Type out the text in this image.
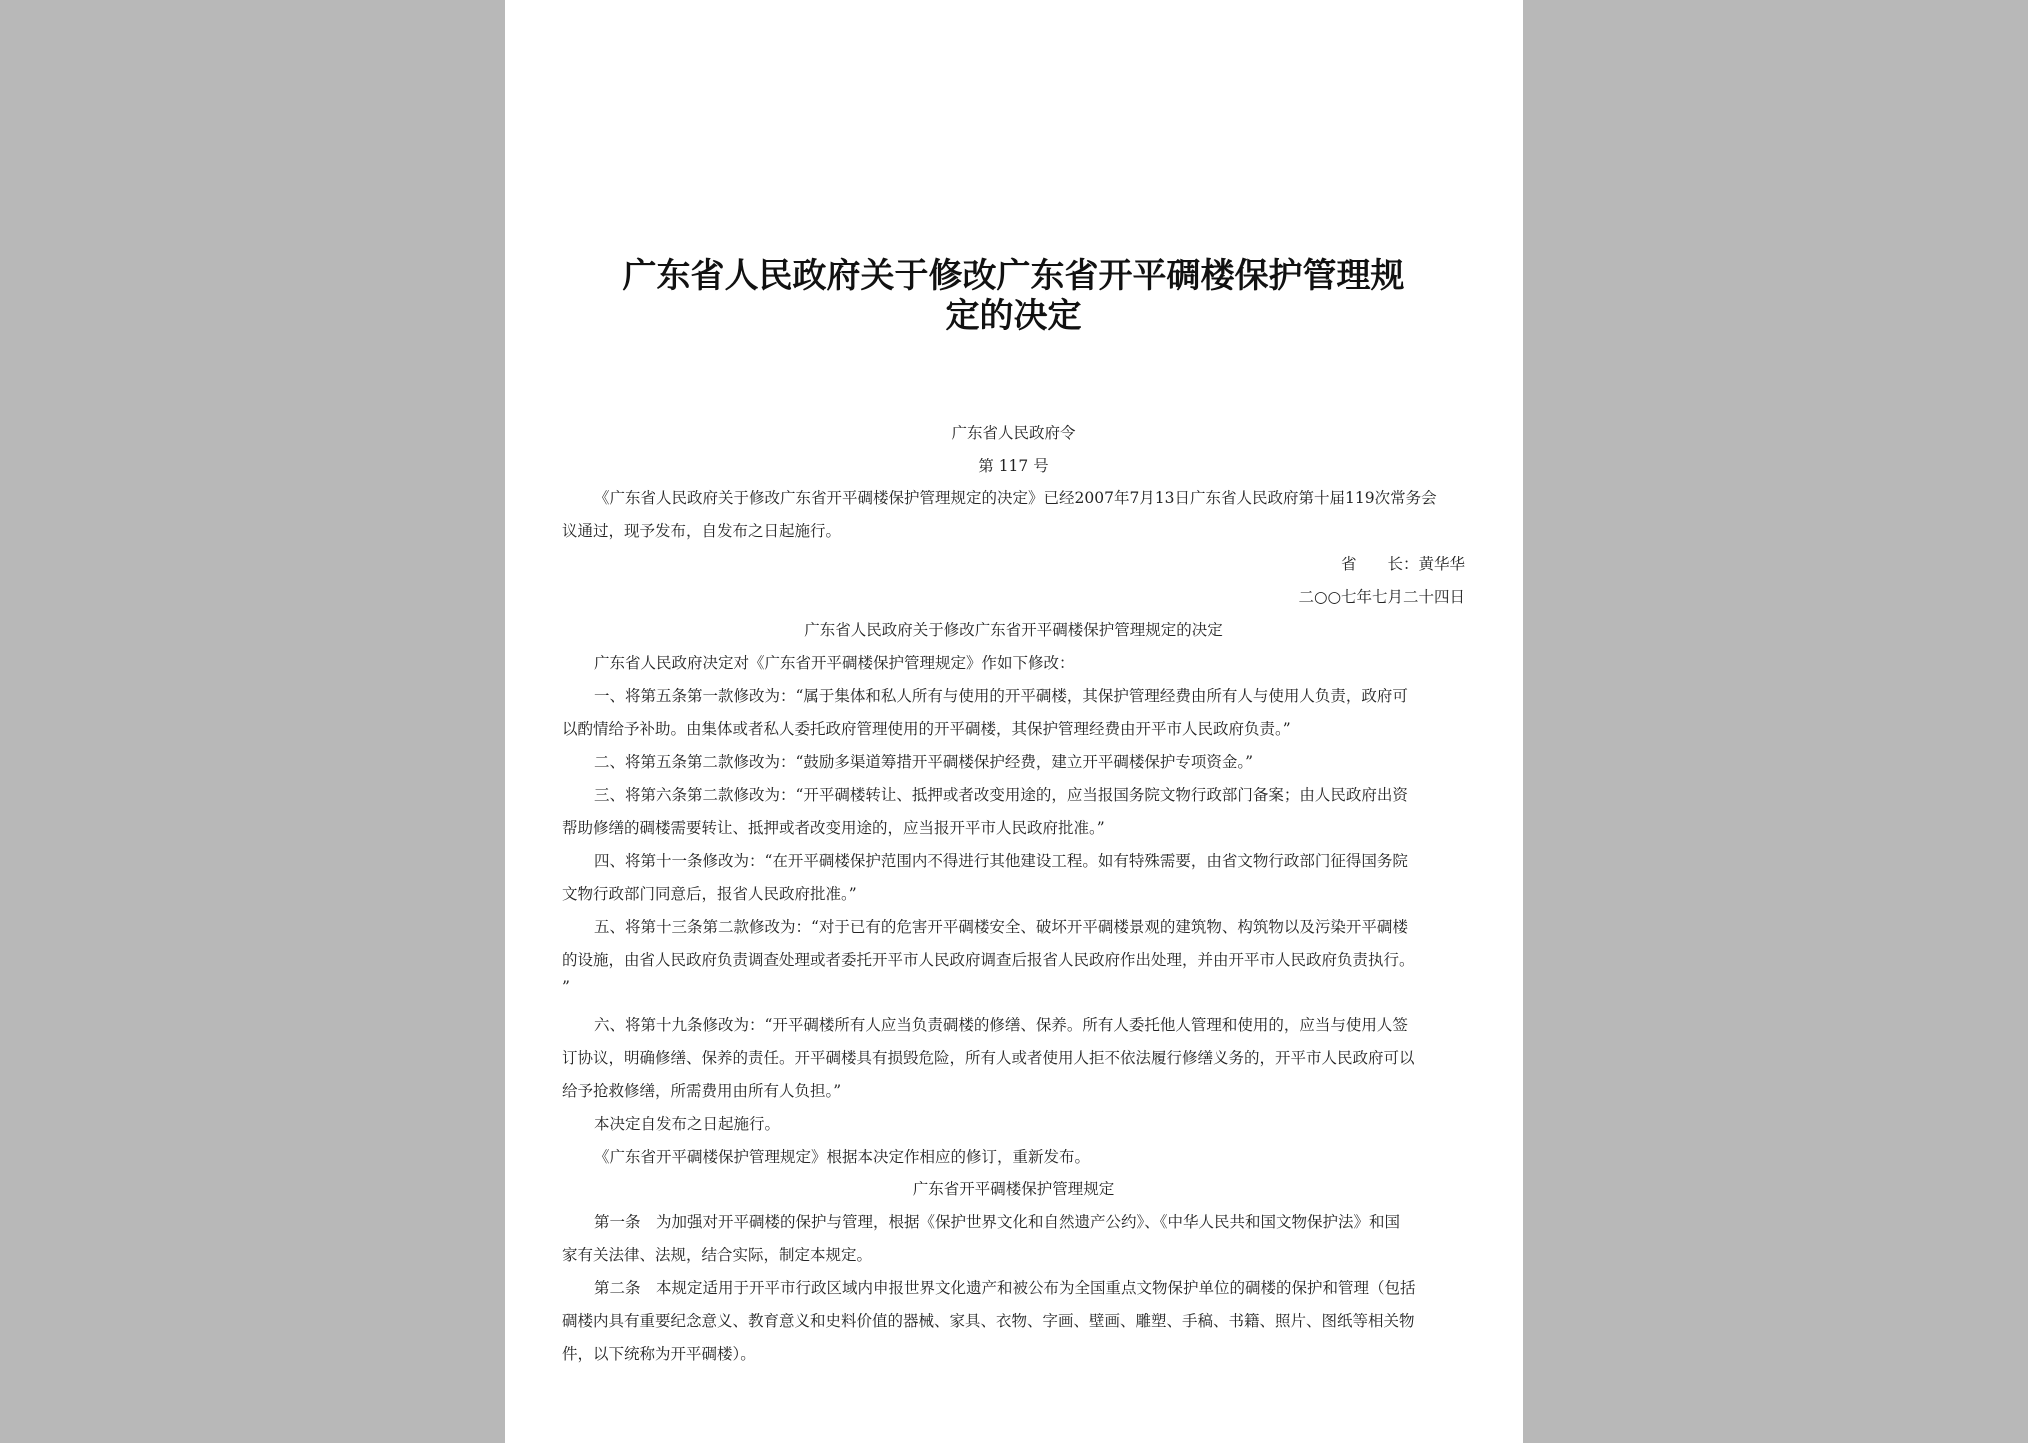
广东省人民政府关于修改广东省开平碉楼保护管理规
定的决定
广东省人民政府令
第 117 号
《广东省人民政府关于修改广东省开平碉楼保护管理规定的决定》已经2007年7月13日广东省人民政府第十届119次常务会
议通过，现予发布，自发布之日起施行。
省　　长：黄华华
二○○七年七月二十四日
广东省人民政府关于修改广东省开平碉楼保护管理规定的决定
广东省人民政府决定对《广东省开平碉楼保护管理规定》作如下修改：
一、将第五条第一款修改为：“属于集体和私人所有与使用的开平碉楼，其保护管理经费由所有人与使用人负责，政府可
以酌情给予补助。由集体或者私人委托政府管理使用的开平碉楼，其保护管理经费由开平市人民政府负责。”
二、将第五条第二款修改为：“鼓励多渠道筹措开平碉楼保护经费，建立开平碉楼保护专项资金。”
三、将第六条第二款修改为：“开平碉楼转让、抵押或者改变用途的，应当报国务院文物行政部门备案；由人民政府出资
帮助修缮的碉楼需要转让、抵押或者改变用途的，应当报开平市人民政府批准。”
四、将第十一条修改为：“在开平碉楼保护范围内不得进行其他建设工程。如有特殊需要，由省文物行政部门征得国务院
文物行政部门同意后，报省人民政府批准。”
五、将第十三条第二款修改为：“对于已有的危害开平碉楼安全、破坏开平碉楼景观的建筑物、构筑物以及污染开平碉楼
的设施，由省人民政府负责调查处理或者委托开平市人民政府调查后报省人民政府作出处理，并由开平市人民政府负责执行。
”
六、将第十九条修改为：“开平碉楼所有人应当负责碉楼的修缮、保养。所有人委托他人管理和使用的，应当与使用人签
订协议，明确修缮、保养的责任。开平碉楼具有损毁危险，所有人或者使用人拒不依法履行修缮义务的，开平市人民政府可以
给予抢救修缮，所需费用由所有人负担。”
本决定自发布之日起施行。
《广东省开平碉楼保护管理规定》根据本决定作相应的修订，重新发布。
广东省开平碉楼保护管理规定
第一条　为加强对开平碉楼的保护与管理，根据《保护世界文化和自然遗产公约》、《中华人民共和国文物保护法》和国
家有关法律、法规，结合实际，制定本规定。
第二条　本规定适用于开平市行政区域内申报世界文化遗产和被公布为全国重点文物保护单位的碉楼的保护和管理（包括
碉楼内具有重要纪念意义、教育意义和史料价值的器械、家具、衣物、字画、壁画、雕塑、手稿、书籍、照片、图纸等相关物
件，以下统称为开平碉楼）。
